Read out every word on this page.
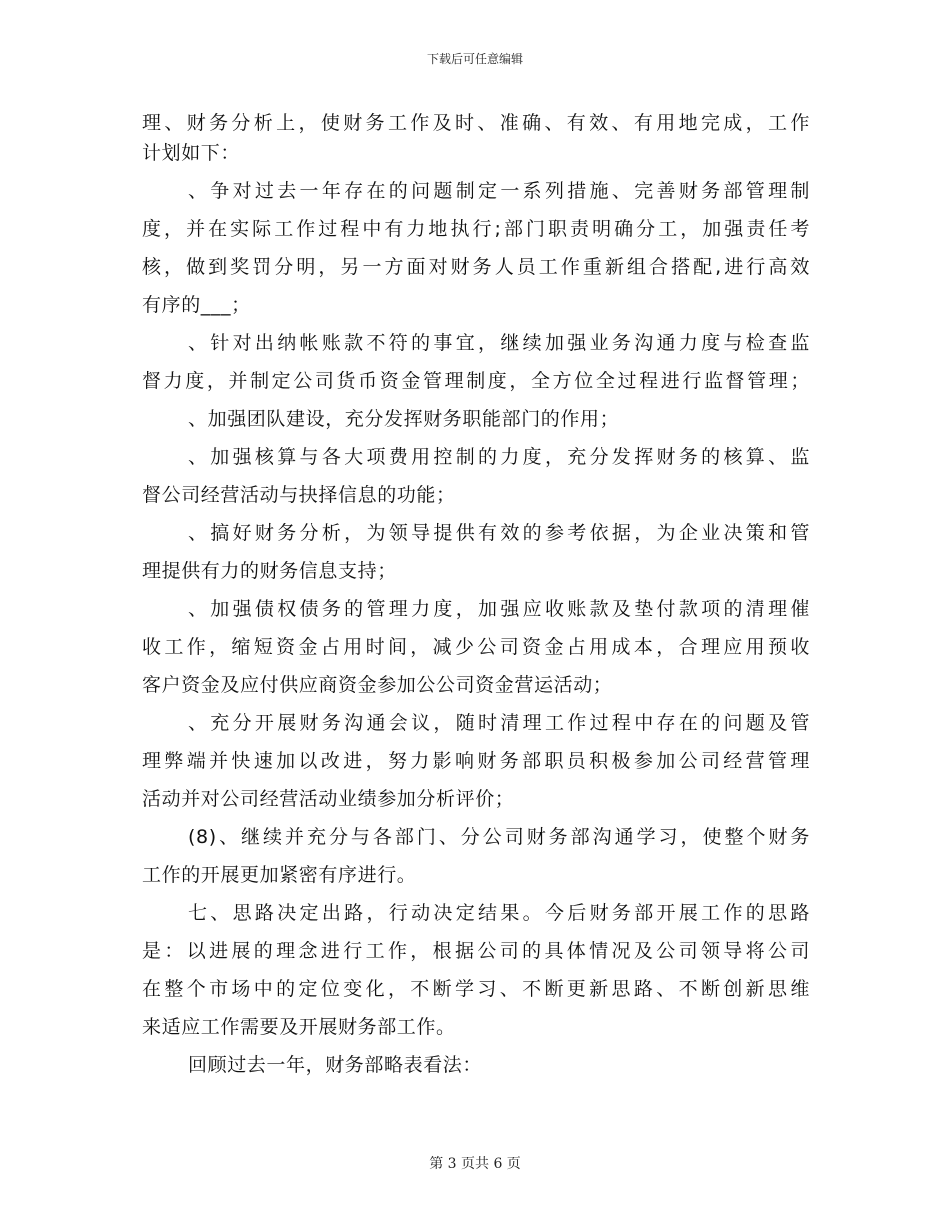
下载后可任意编辑
理、财务分析上，使财务工作及时、准确、有效、有用地完成，工作
计划如下：
、争对过去一年存在的问题制定一系列措施、完善财务部管理制
度，并在实际工作过程中有力地执行;部门职责明确分工，加强责任考
核，做到奖罚分明，另一方面对财务人员工作重新组合搭配,进行高效
有序的___；
、针对出纳帐账款不符的事宜，继续加强业务沟通力度与检查监
督力度，并制定公司货币资金管理制度，全方位全过程进行监督管理；
、加强团队建设，充分发挥财务职能部门的作用；
、加强核算与各大项费用控制的力度，充分发挥财务的核算、监
督公司经营活动与抉择信息的功能；
、搞好财务分析，为领导提供有效的参考依据，为企业决策和管
理提供有力的财务信息支持；
、加强债权债务的管理力度，加强应收账款及垫付款项的清理催
收工作，缩短资金占用时间，减少公司资金占用成本，合理应用预收
客户资金及应付供应商资金参加公公司资金营运活动；
、充分开展财务沟通会议，随时清理工作过程中存在的问题及管
理弊端并快速加以改进，努力影响财务部职员积极参加公司经营管理
活动并对公司经营活动业绩参加分析评价；
(8)、继续并充分与各部门、分公司财务部沟通学习，使整个财务
工作的开展更加紧密有序进行。
七、思路决定出路，行动决定结果。今后财务部开展工作的思路
是：以进展的理念进行工作，根据公司的具体情况及公司领导将公司
在整个市场中的定位变化，不断学习、不断更新思路、不断创新思维
来适应工作需要及开展财务部工作。
回顾过去一年，财务部略表看法：
第 3 页共 6 页
